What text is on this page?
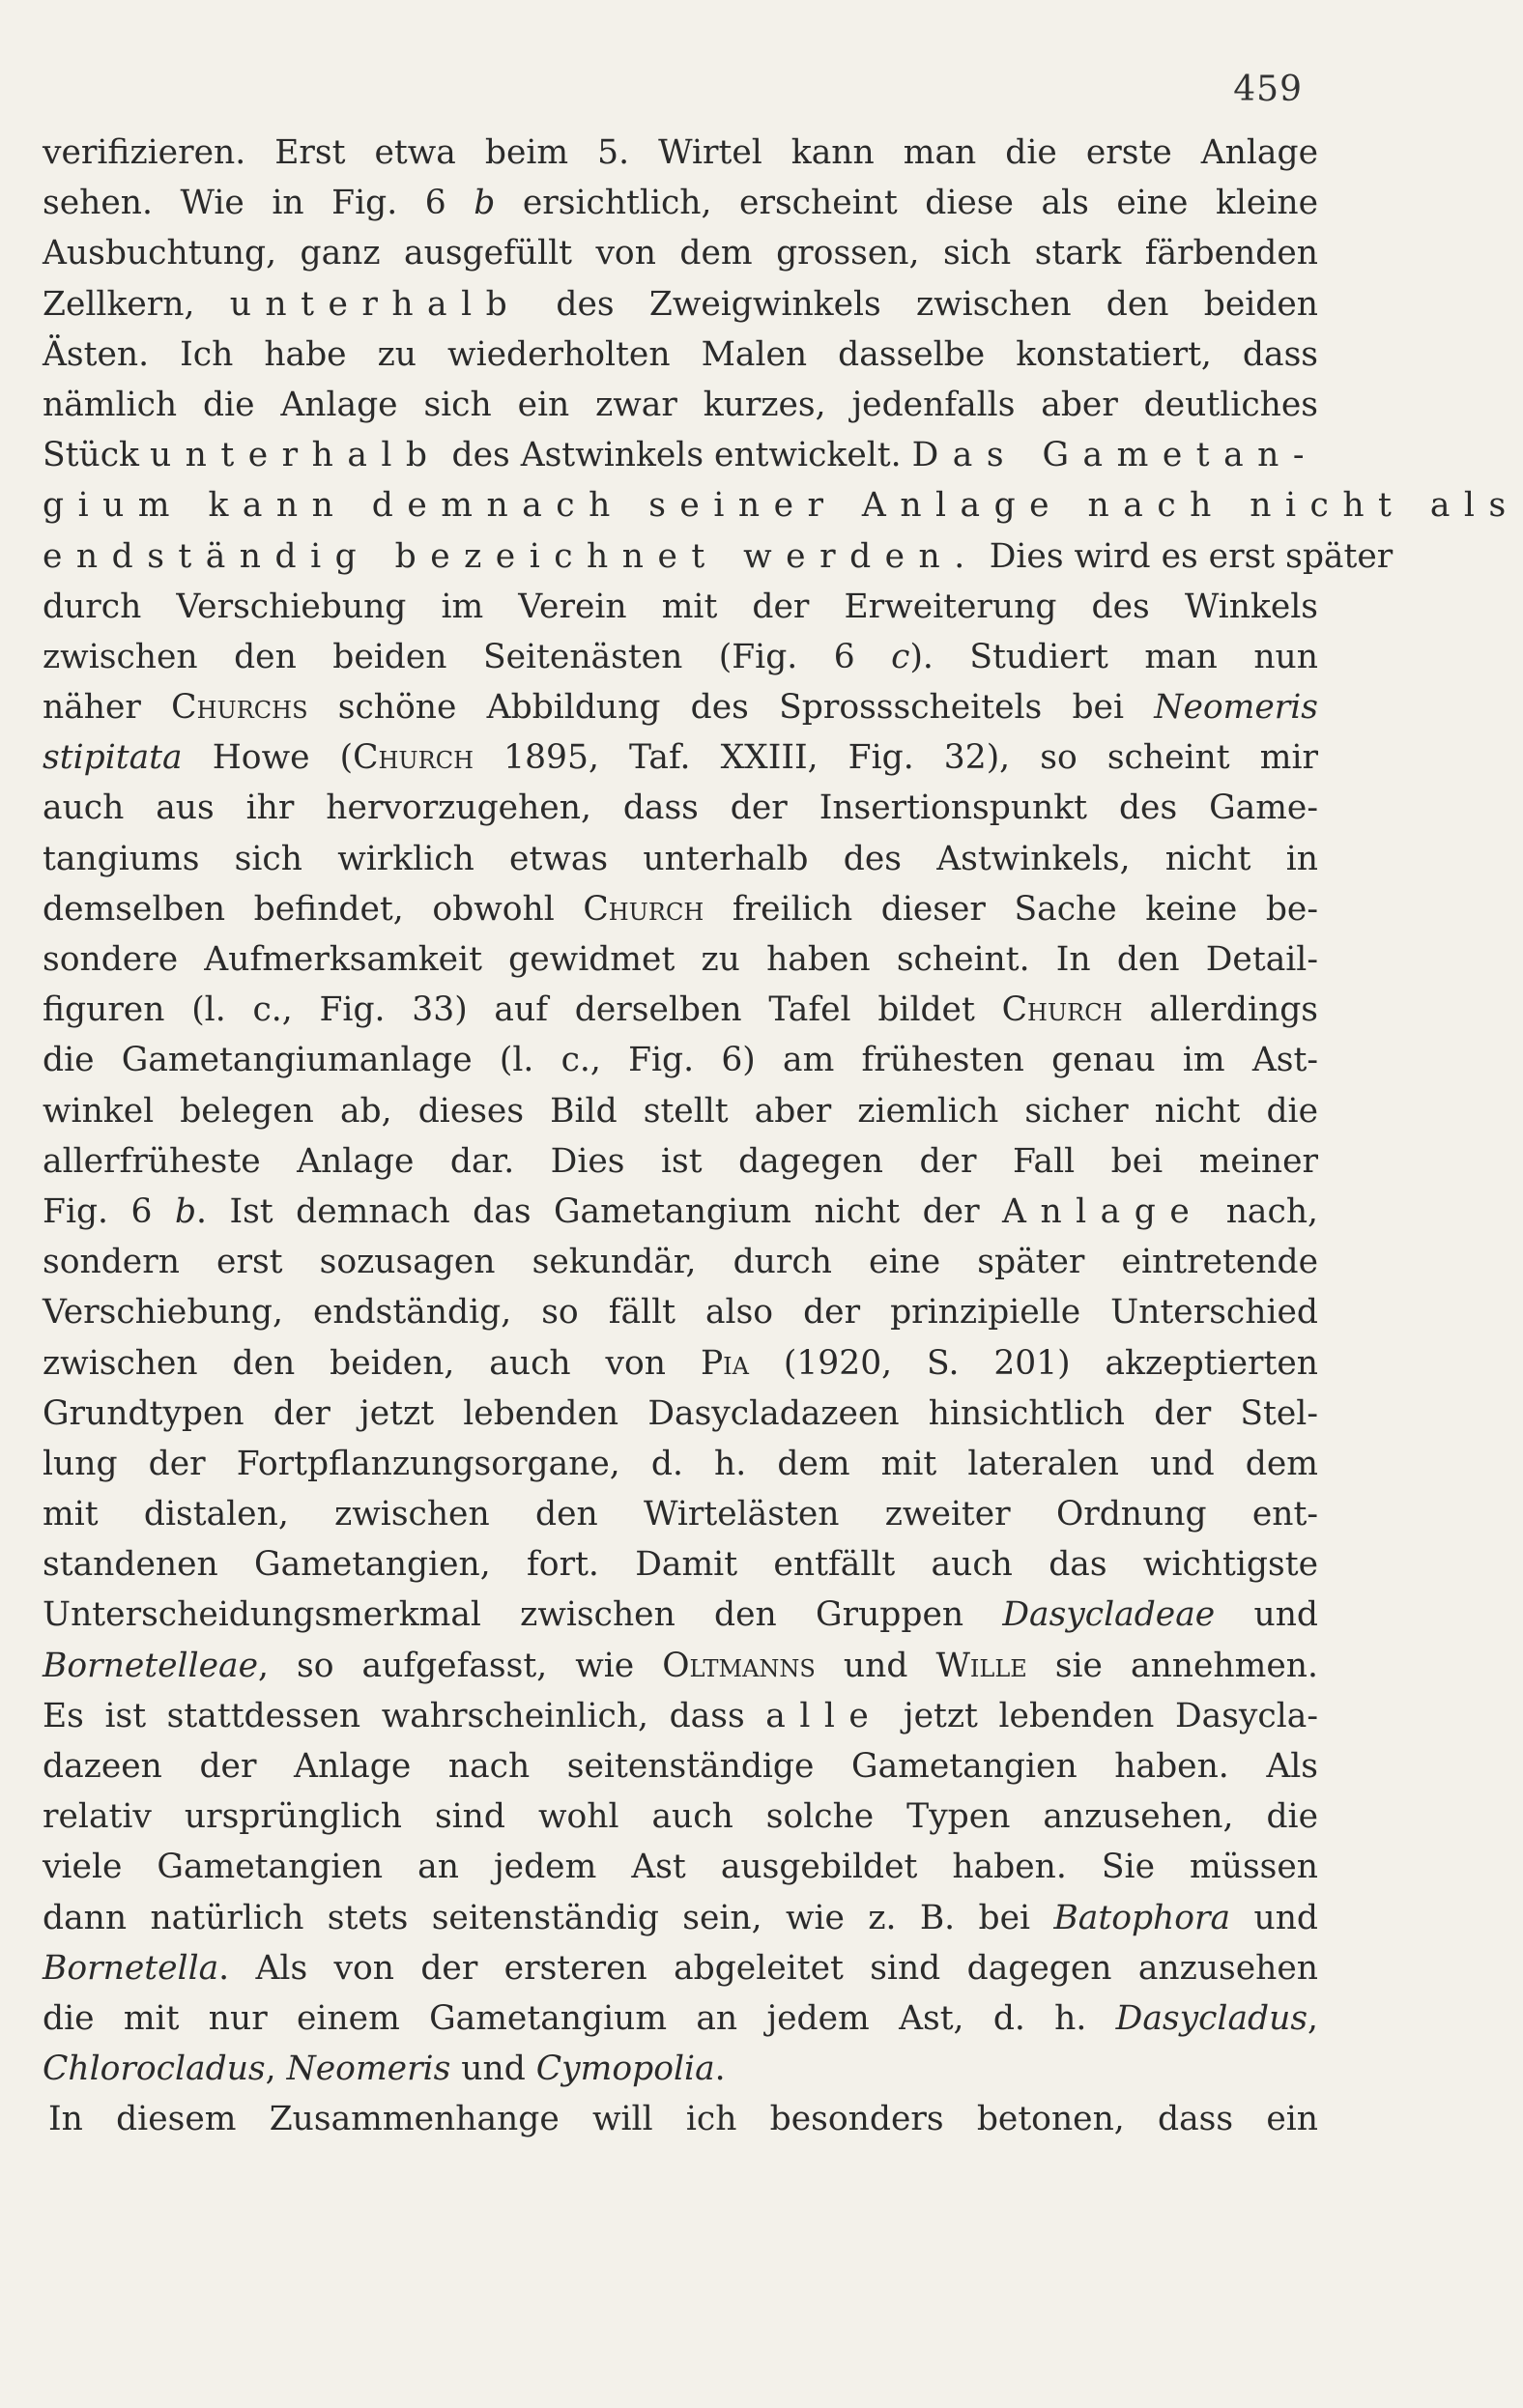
459
verifizieren. Erst etwa beim 5. Wirtel kann man die erste Anlage
sehen. Wie in Fig. 6 b ersichtlich, erscheint diese als eine kleine
Ausbuchtung, ganz ausgefüllt von dem grossen, sich stark färbenden
Zellkern, unterhalb des Zweigwinkels zwischen den beiden
Ästen. Ich habe zu wiederholten Malen dasselbe konstatiert, dass
nämlich die Anlage sich ein zwar kurzes, jedenfalls aber deutliches
Stück unterhalb des Astwinkels entwickelt. Das Gametan-
gium kann demnach seiner Anlage nach nicht als
endständig bezeichnet werden. Dies wird es erst später
durch Verschiebung im Verein mit der Erweiterung des Winkels
zwischen den beiden Seitenästen (Fig. 6 c). Studiert man nun
näher Churchs schöne Abbildung des Sprossscheitels bei Neomeris
stipitata Howe (Church 1895, Taf. XXIII, Fig. 32), so scheint mir
auch aus ihr hervorzugehen, dass der Insertionspunkt des Game-
tangiums sich wirklich etwas unterhalb des Astwinkels, nicht in
demselben befindet, obwohl Church freilich dieser Sache keine be-
sondere Aufmerksamkeit gewidmet zu haben scheint. In den Detail-
figuren (l. c., Fig. 33) auf derselben Tafel bildet Church allerdings
die Gametangiumanlage (l. c., Fig. 6) am frühesten genau im Ast-
winkel belegen ab, dieses Bild stellt aber ziemlich sicher nicht die
allerfrüheste Anlage dar. Dies ist dagegen der Fall bei meiner
Fig. 6 b. Ist demnach das Gametangium nicht der Anlage nach,
sondern erst sozusagen sekundär, durch eine später eintretende
Verschiebung, endständig, so fällt also der prinzipielle Unterschied
zwischen den beiden, auch von Pia (1920, S. 201) akzeptierten
Grundtypen der jetzt lebenden Dasycladazeen hinsichtlich der Stel-
lung der Fortpflanzungsorgane, d. h. dem mit lateralen und dem
mit distalen, zwischen den Wirtelästen zweiter Ordnung ent-
standenen Gametangien, fort. Damit entfällt auch das wichtigste
Unterscheidungsmerkmal zwischen den Gruppen Dasycladeae und
Bornetelleae, so aufgefasst, wie Oltmanns und Wille sie annehmen.
Es ist stattdessen wahrscheinlich, dass alle jetzt lebenden Dasycla-
dazeen der Anlage nach seitenständige Gametangien haben. Als
relativ ursprünglich sind wohl auch solche Typen anzusehen, die
viele Gametangien an jedem Ast ausgebildet haben. Sie müssen
dann natürlich stets seitenständig sein, wie z. B. bei Batophora und
Bornetella. Als von der ersteren abgeleitet sind dagegen anzusehen
die mit nur einem Gametangium an jedem Ast, d. h. Dasycladus,
Chlorocladus, Neomeris und Cymopolia.
In diesem Zusammenhange will ich besonders betonen, dass ein
